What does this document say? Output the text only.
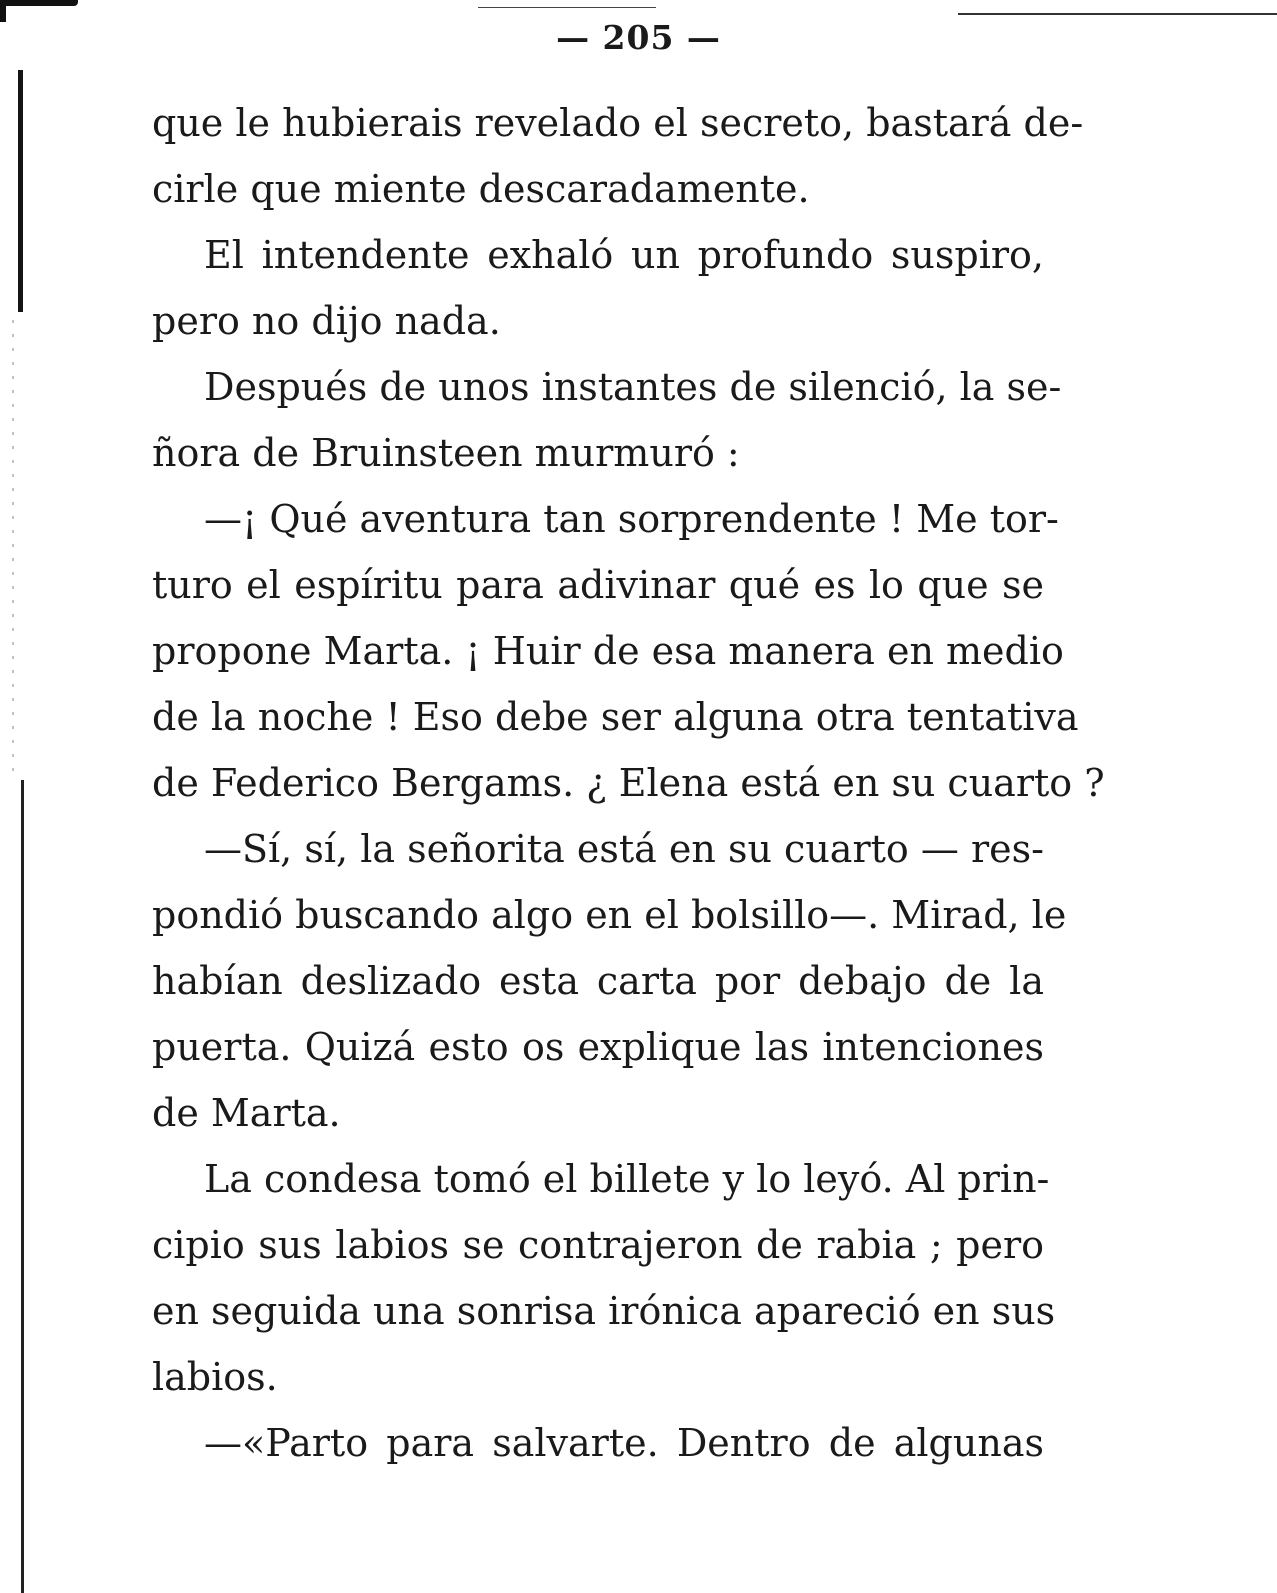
— 205 —
que le hubierais revelado el secreto, bastará de-
cirle que miente descaradamente.
El intendente exhaló un profundo suspiro,
pero no dijo nada.
Después de unos instantes de silenció, la se-
ñora de Bruinsteen murmuró :
—¡ Qué aventura tan sorprendente ! Me tor-
turo el espíritu para adivinar qué es lo que se
propone Marta. ¡ Huir de esa manera en medio
de la noche ! Eso debe ser alguna otra tentativa
de Federico Bergams. ¿ Elena está en su cuarto ?
—Sí, sí, la señorita está en su cuarto — res-
pondió buscando algo en el bolsillo—. Mirad, le
habían deslizado esta carta por debajo de la
puerta. Quizá esto os explique las intenciones
de Marta.
La condesa tomó el billete y lo leyó. Al prin-
cipio sus labios se contrajeron de rabia ; pero
en seguida una sonrisa irónica apareció en sus
labios.
—«Parto para salvarte. Dentro de algunas
